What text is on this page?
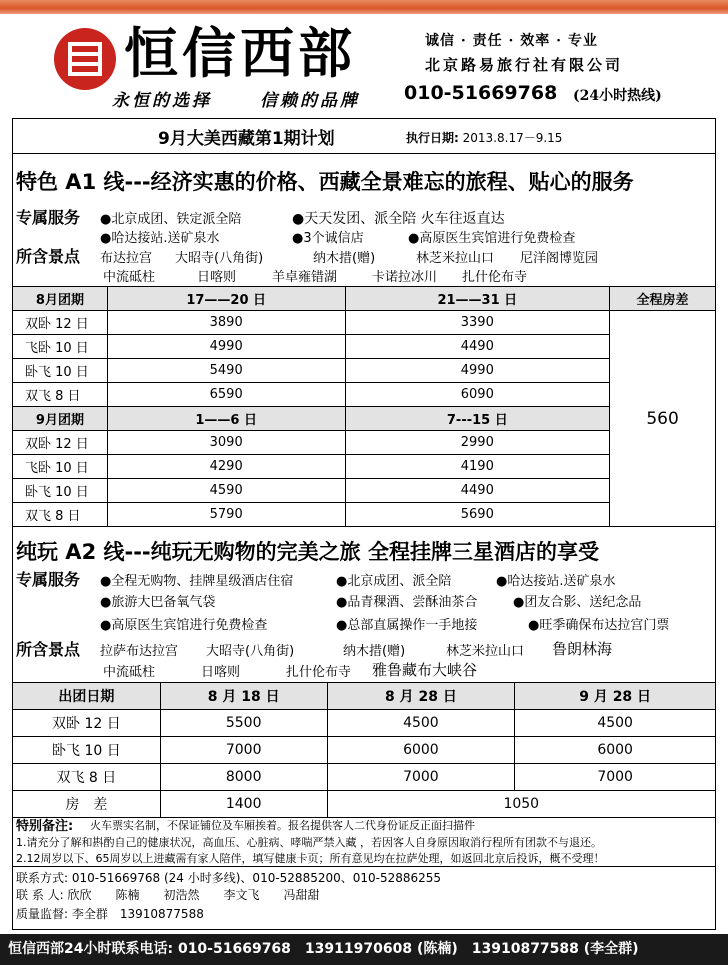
恒信西部
永恒的选择	信赖的品牌
诚信 · 责任 · 效率 · 专业
北京路易旅行社有限公司
010-51669768 (24小时热线)
9月大美西藏第1期计划	执行日期: 2013.8.17－9.15
特色 A1 线---经济实惠的价格、西藏全景难忘的旅程、贴心的服务
专属服务 ●北京成团、铁定派全陪	●天天发团、派全陪 火车往返直达
●哈达接站.送矿泉水	●3个诚信店	●高原医生宾馆进行免费检查
所含景点 布达拉宫 大昭寺(八角街)	纳木措(赠)	林芝米拉山口 尼洋阁博览园
中流砥柱	日喀则	羊卓雍错湖	卡诺拉冰川 扎什伦布寺
8月团期	17——20 日	21——31 日	全程房差
双卧 12 日	3890	3390	560
飞卧 10 日	4990	4490	
卧飞 10 日	5490	4990	
双飞 8 日	6590	6090	
9月团期	1——6 日	7---15 日	
双卧 12 日	3090	2990	
飞卧 10 日	4290	4190	
卧飞 10 日	4590	4490	
双飞 8 日	5790	5690	
纯玩 A2 线---纯玩无购物的完美之旅 全程挂牌三星酒店的享受
专属服务 ●全程无购物、挂牌星级酒店住宿	●北京成团、派全陪	●哈达接站.送矿泉水
●旅游大巴备氧气袋	●品青稞酒、尝酥油茶合	●团友合影、送纪念品
●高原医生宾馆进行免费检查	●总部直属操作一手地接	●旺季确保布达拉宫门票
所含景点 拉萨布达拉宫 大昭寺(八角街)	纳木措(赠)	林芝米拉山口 鲁朗林海
中流砥柱	日喀则	扎什伦布寺 雅鲁藏布大峡谷
出团日期	8 月 18 日	8 月 28 日	9 月 28 日
双卧 12 日	5500	4500	4500
卧飞 10 日	7000	6000	6000
双飞 8 日	8000	7000	7000
房　差	1400	1050	
特别备注: 火车票实名制，不保证铺位及车厢挨着。报名提供客人二代身份证反正面扫描件
1.请充分了解和斟酌自己的健康状况，高血压、心脏病、哮喘严禁入藏 ，若因客人自身原因取消行程所有团款不与退还。
2.12周岁以下、65周岁以上进藏需有家人陪伴，填写健康卡页；所有意见均在拉萨处理，如返回北京后投诉，概不受理！
联系方式: 010-51669768 (24 小时多线)、010-52885200、010-52886255
联 系 人: 欣欣　　陈楠　　初浩然　　李文飞　　冯甜甜
质量监督: 李全群　13910877588
恒信西部24小时联系电话: 010-51669768　13911970608 (陈楠)　13910877588 (李全群)
